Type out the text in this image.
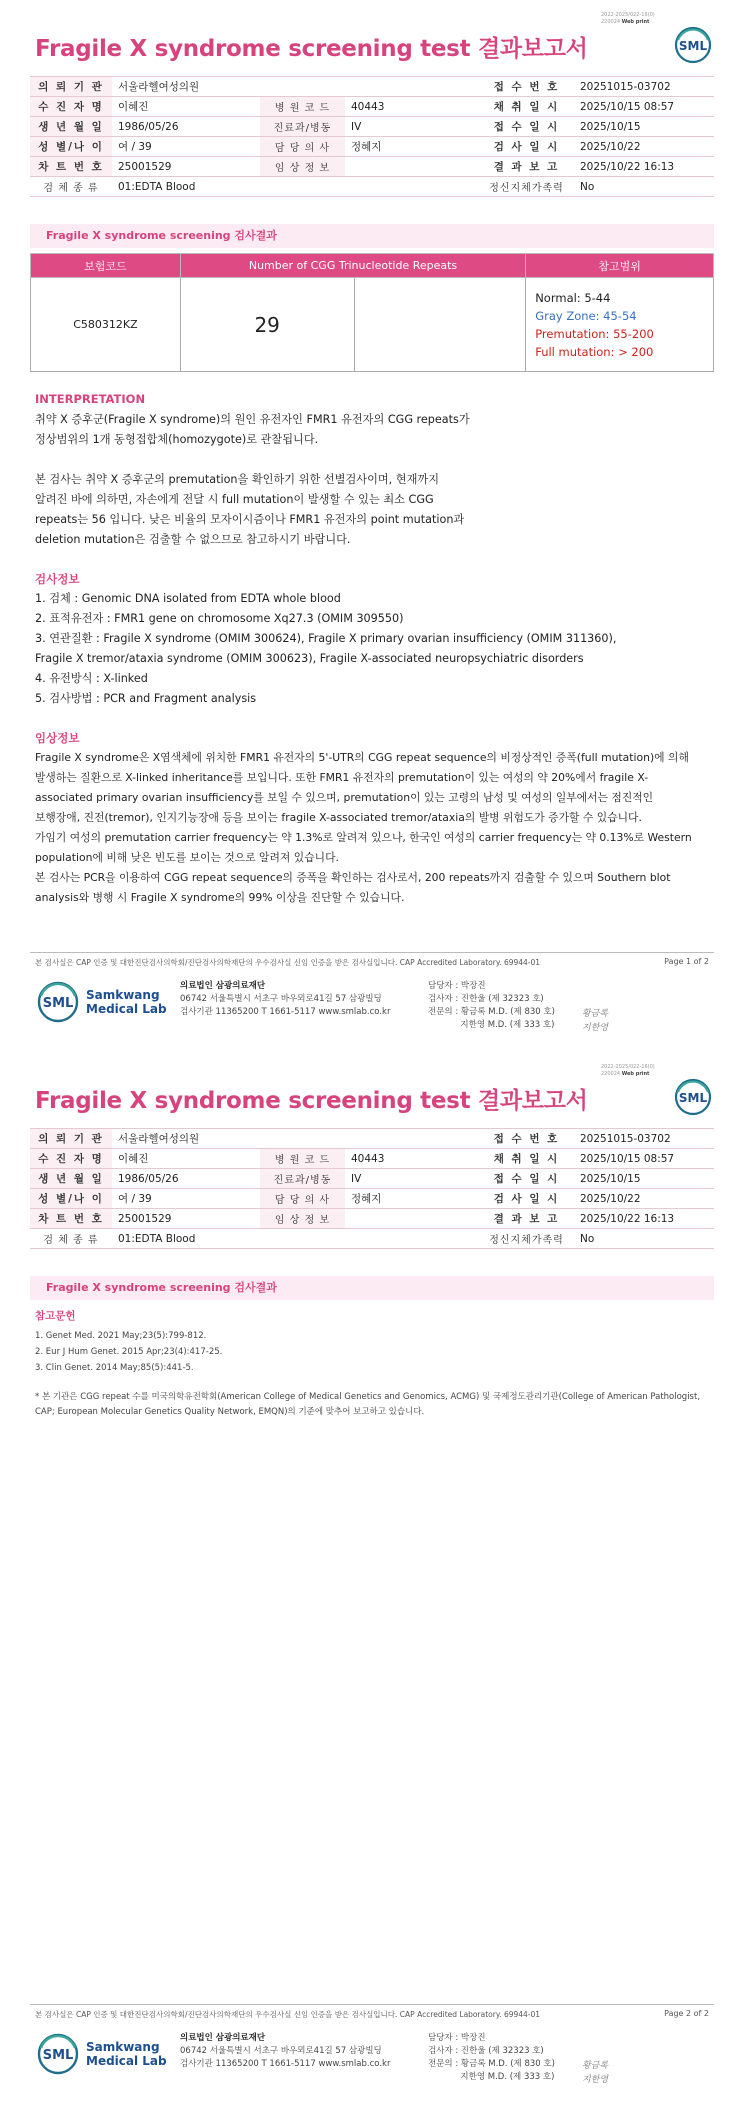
2022-2025/022-16(0)
220024 Web print
Fragile X syndrome screening test 결과보고서	SML
의 뢰 기 관	서울라헬여성의원			접 수 번 호	20251015-03702
수 진 자 명	이혜진	병 원 코 드	40443	채 취 일 시	2025/10/15 08:57
생 년 월 일	1986/05/26	진료과/병동	IV	접 수 일 시	2025/10/15
성 별/나 이	여 / 39	담 당 의 사	정혜지	검 사 일 시	2025/10/22
차 트 번 호	25001529	임 상 정 보		결 과 보 고	2025/10/22 16:13
검 체 종 류	01:EDTA Blood			정신지체가족력	No
Fragile X syndrome screening 검사결과
보험코드	Number of CGG Trinucleotide Repeats		참고범위
C580312KZ	29		Normal: 5-44
Gray Zone: 45-54
Premutation: 55-200
Full mutation: > 200
INTERPRETATION

취약 X 증후군(Fragile X syndrome)의 원인 유전자인 FMR1 유전자의 CGG repeats가

정상범위의 1개 동형접합체(homozygote)로 관찰됩니다.

본 검사는 취약 X 증후군의 premutation을 확인하기 위한 선별검사이며, 현재까지

알려진 바에 의하면, 자손에게 전달 시 full mutation이 발생할 수 있는 최소 CGG

repeats는 56 입니다. 낮은 비율의 모자이시즘이나 FMR1 유전자의 point mutation과

deletion mutation은 검출할 수 없으므로 참고하시기 바랍니다.

검사정보

1. 검체 : Genomic DNA isolated from EDTA whole blood

2. 표적유전자 : FMR1 gene on chromosome Xq27.3 (OMIM 309550)

3. 연관질환 : Fragile X syndrome (OMIM 300624), Fragile X primary ovarian insufficiency (OMIM 311360),

Fragile X tremor/ataxia syndrome (OMIM 300623), Fragile X-associated neuropsychiatric disorders

4. 유전방식 : X-linked

5. 검사방법 : PCR and Fragment analysis

임상정보

Fragile X syndrome은 X염색체에 위치한 FMR1 유전자의 5'-UTR의 CGG repeat sequence의 비정상적인 증폭(full mutation)에 의해

발생하는 질환으로 X-linked inheritance를 보입니다. 또한 FMR1 유전자의 premutation이 있는 여성의 약 20%에서 fragile X-

associated primary ovarian insufficiency를 보일 수 있으며, premutation이 있는 고령의 남성 및 여성의 일부에서는 점진적인

보행장애, 진전(tremor), 인지기능장애 등을 보이는 fragile X-associated tremor/ataxia의 발병 위험도가 증가할 수 있습니다.

가임기 여성의 premutation carrier frequency는 약 1.3%로 알려져 있으나, 한국인 여성의 carrier frequency는 약 0.13%로 Western

population에 비해 낮은 빈도를 보이는 것으로 알려져 있습니다.

본 검사는 PCR을 이용하여 CGG repeat sequence의 증폭을 확인하는 검사로서, 200 repeats까지 검출할 수 있으며 Southern blot

analysis와 병행 시 Fragile X syndrome의 99% 이상을 진단할 수 있습니다.

본 검사실은 CAP 인증 및 대한진단검사의학회/진단검사의학재단의 우수검사실 신임 인증을 받은 검사실입니다. CAP Accredited Laboratory. 69944-01	Page 1 of 2
SML
Samkwang
Medical Lab
의료법인 삼광의료재단
06742 서울특별시 서초구 바우뫼로41길 57 삼광빌딩
검사기관 11365200 T 1661-5117 www.smlab.co.kr
담당자 : 박장진
검사자 : 진한울 (제 32323 호)
전문의 : 황금록 M.D. (제 830 호)
지한영 M.D. (제 333 호)
황금록
지한영
2022-2025/022-16(0)
220024 Web print
Fragile X syndrome screening test 결과보고서	SML
의 뢰 기 관	서울라헬여성의원			접 수 번 호	20251015-03702
수 진 자 명	이혜진	병 원 코 드	40443	채 취 일 시	2025/10/15 08:57
생 년 월 일	1986/05/26	진료과/병동	IV	접 수 일 시	2025/10/15
성 별/나 이	여 / 39	담 당 의 사	정혜지	검 사 일 시	2025/10/22
차 트 번 호	25001529	임 상 정 보		결 과 보 고	2025/10/22 16:13
검 체 종 류	01:EDTA Blood			정신지체가족력	No
Fragile X syndrome screening 검사결과
참고문헌
1. Genet Med. 2021 May;23(5):799-812.
2. Eur J Hum Genet. 2015 Apr;23(4):417-25.
3. Clin Genet. 2014 May;85(5):441-5.
* 본 기관은 CGG repeat 수를 미국의학유전학회(American College of Medical Genetics and Genomics, ACMG) 및 국제정도관리기관(College of American Pathologist, CAP; European Molecular Genetics Quality Network, EMQN)의 기준에 맞추어 보고하고 있습니다.
본 검사실은 CAP 인증 및 대한진단검사의학회/진단검사의학재단의 우수검사실 신임 인증을 받은 검사실입니다. CAP Accredited Laboratory. 69944-01	Page 2 of 2
SML
Samkwang
Medical Lab
의료법인 삼광의료재단
06742 서울특별시 서초구 바우뫼로41길 57 삼광빌딩
검사기관 11365200 T 1661-5117 www.smlab.co.kr
담당자 : 박장진
검사자 : 진한울 (제 32323 호)
전문의 : 황금록 M.D. (제 830 호)
지한영 M.D. (제 333 호)
황금록
지한영
